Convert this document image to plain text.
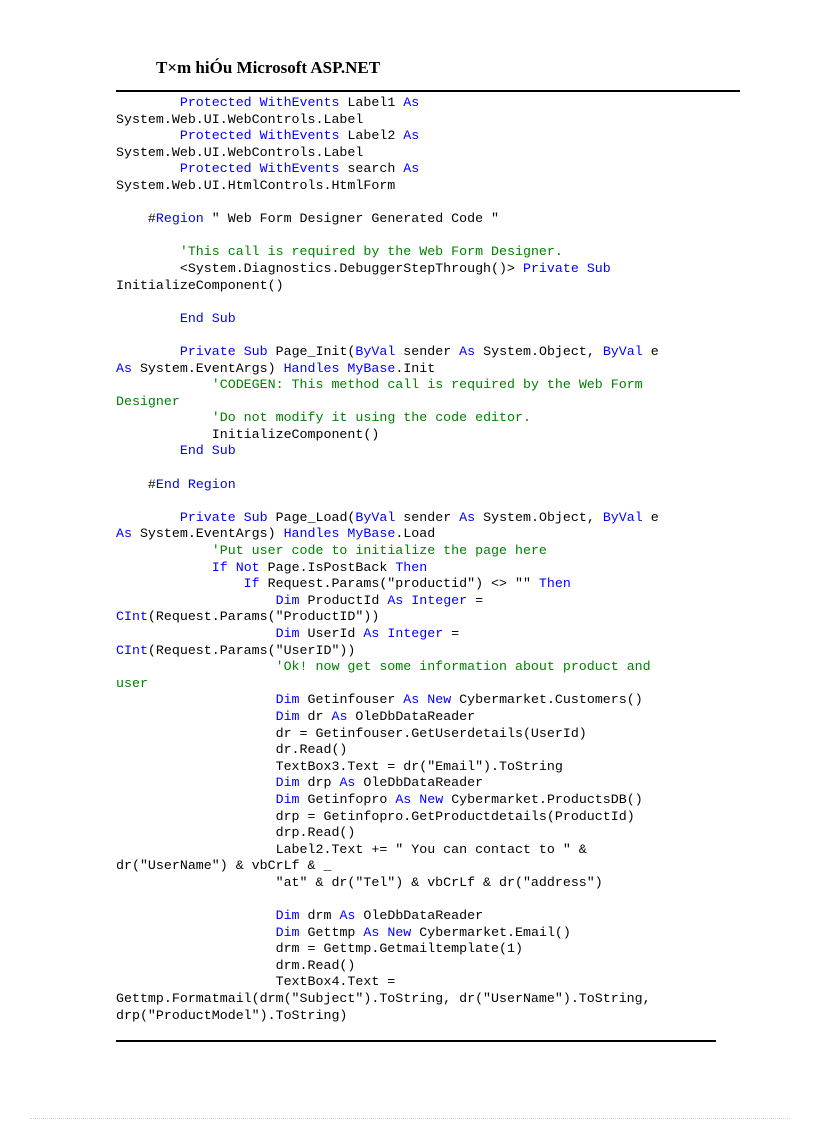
T×m hiÓu Microsoft ASP.NET
Protected WithEvents Label1 As
System.Web.UI.WebControls.Label
Protected WithEvents Label2 As
System.Web.UI.WebControls.Label
Protected WithEvents search As
System.Web.UI.HtmlControls.HtmlForm
#Region " Web Form Designer Generated Code "
'This call is required by the Web Form Designer.
<System.Diagnostics.DebuggerStepThrough()> Private Sub
InitializeComponent()
End Sub
Private Sub Page_Init(ByVal sender As System.Object, ByVal e
As System.EventArgs) Handles MyBase.Init
'CODEGEN: This method call is required by the Web Form
Designer
'Do not modify it using the code editor.
InitializeComponent()
End Sub
#End Region
Private Sub Page_Load(ByVal sender As System.Object, ByVal e
As System.EventArgs) Handles MyBase.Load
'Put user code to initialize the page here
If Not Page.IsPostBack Then
If Request.Params("productid") <> "" Then
Dim ProductId As Integer =
CInt(Request.Params("ProductID"))
Dim UserId As Integer =
CInt(Request.Params("UserID"))
'Ok! now get some information about product and
user
Dim Getinfouser As New Cybermarket.Customers()
Dim dr As OleDbDataReader
dr = Getinfouser.GetUserdetails(UserId)
dr.Read()
TextBox3.Text = dr("Email").ToString
Dim drp As OleDbDataReader
Dim Getinfopro As New Cybermarket.ProductsDB()
drp = Getinfopro.GetProductdetails(ProductId)
drp.Read()
Label2.Text += " You can contact to " &
dr("UserName") & vbCrLf & _
"at" & dr("Tel") & vbCrLf & dr("address")
Dim drm As OleDbDataReader
Dim Gettmp As New Cybermarket.Email()
drm = Gettmp.Getmailtemplate(1)
drm.Read()
TextBox4.Text =
Gettmp.Formatmail(drm("Subject").ToString, dr("UserName").ToString,
drp("ProductModel").ToString)
